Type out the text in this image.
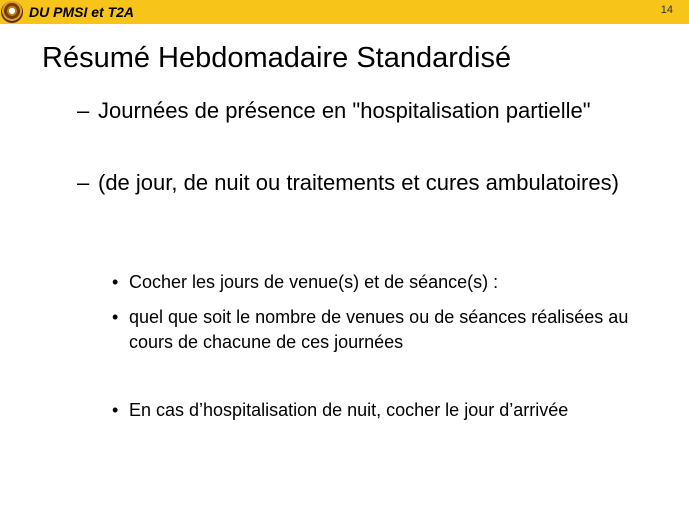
DU PMSI et T2A	14
Résumé Hebdomadaire Standardisé
– Journées de présence en "hospitalisation partielle"
– (de jour, de nuit ou traitements et cures ambulatoires)
• Cocher les jours de venue(s) et de séance(s) :
• quel que soit le nombre de venues ou de séances réalisées au cours de chacune de ces journées
• En cas d’hospitalisation de nuit, cocher le jour d’arrivée
